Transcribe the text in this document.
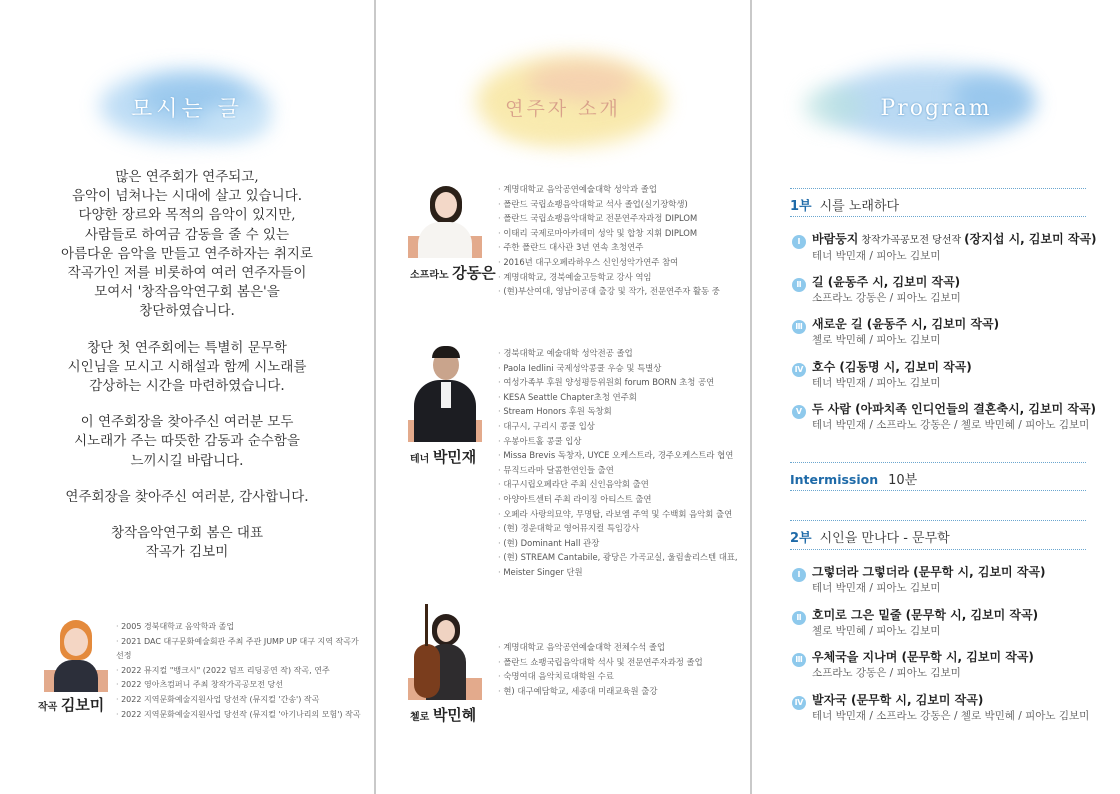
모시는 글

많은 연주회가 연주되고,
음악이 넘쳐나는 시대에 살고 있습니다.
다양한 장르와 목적의 음악이 있지만,
사람들로 하여금 감동을 줄 수 있는
아름다운 음악을 만들고 연주하자는 취지로
작곡가인 저를 비롯하여 여러 연주자들이
모여서 '창작음악연구회 봄은'을
창단하였습니다.

창단 첫 연주회에는 특별히 문무학
시인님을 모시고 시해설과 함께 시노래를
감상하는 시간을 마련하였습니다.

이 연주회장을 찾아주신 여러분 모두
시노래가 주는 따뜻한 감동과 순수함을
느끼시길 바랍니다.

연주회장을 찾아주신 여러분, 감사합니다.

창작음악연구회 봄은 대표
작곡가 김보미

작곡 김보미
· 2005 경북대학교 음악학과 졸업
· 2021 DAC 대구문화예술회관 주최 주관 JUMP UP 대구 지역 작곡가 선정
· 2022 뮤지컬 "뱅크시" (2022 덤프 리딩공연 작) 작곡, 연주
· 2022 영아츠컴퍼니 주최 창작가곡공모전 당선
· 2022 지역문화예술지원사업 당선작 (뮤지컬 '간송') 작곡
· 2022 지역문화예술지원사업 당선작 (뮤지컬 '아기나리의 모험') 작곡
연주자 소개
소프라노 강동은
· 계명대학교 음악공연예술대학 성악과 졸업
· 폴란드 국립쇼팽음악대학교 석사 졸업(실기장학생)
· 폴란드 국립쇼팽음악대학교 전문연주자과정 DIPLOM
· 이태리 국제로마아카데미 성악 및 합창 지휘 DIPLOM
· 주한 폴란드 대사관 3년 연속 초청연주
· 2016년 대구오페라하우스 신인성악가연주 참여
· 계명대학교, 경북예술고등학교 강사 역임
· (현)부산여대, 영남이공대 출강 및 작가, 전문연주자 활동 중
테너 박민재
· 경북대학교 예술대학 성악전공 졸업
· Paola Iedlini 국제성악콩쿨 우승 및 특별상
· 여성가족부 후원 양성평등위원회 forum BORN 초청 공연
· KESA Seattle Chapter초청 연주회
· Stream Honors 후원 독창회
· 대구시, 구리시 콩쿨 입상
· 우봉아트홀 콩쿨 입상
· Missa Brevis 독창자, UYCE 오케스트라, 경주오케스트라 협연
· 뮤직드라마 달콤한연인들 출연
· 대구시립오페라단 주최 신인음악회 출연
· 아양아트센터 주최 라이징 아티스트 출연
· 오페라 사랑의묘약, 무명탑, 라보엠 주역 및 수백회 음악회 출연
· (현) 경운대학교 영어뮤지컬 특임강사
· (현) Dominant Hall 관장
· (현) STREAM Cantabile, 광당은 가곡교실, 울림솔리스텐 대표,
· Meister Singer 단원
첼로 박민혜
· 계명대학교 음악공연예술대학 전체수석 졸업
· 폴란드 쇼팽국립음악대학 석사 및 전문연주자과정 졸업
· 숙명여대 음악치료대학원 수료
· 현) 대구예담학교, 세종대 미래교육원 출강
Program
1부 시를 노래하다
Ⅰ 바람둥지 창작가곡공모전 당선작 (장지섭 시, 김보미 작곡)
테너 박민재 / 피아노 김보미
Ⅱ 길 (윤동주 시, 김보미 작곡)
소프라노 강동은 / 피아노 김보미
Ⅲ 새로운 길 (윤동주 시, 김보미 작곡)
첼로 박민혜 / 피아노 김보미
Ⅳ 호수 (김동명 시, 김보미 작곡)
테너 박민재 / 피아노 김보미
Ⅴ 두 사람 (아파치족 인디언들의 결혼축시, 김보미 작곡)
테너 박민재 / 소프라노 강동은 / 첼로 박민혜 / 피아노 김보미
Intermission 10분
2부 시인을 만나다 - 문무학
Ⅰ 그렇더라 그렇더라 (문무학 시, 김보미 작곡)
테너 박민재 / 피아노 김보미
Ⅱ 호미로 그은 밑줄 (문무학 시, 김보미 작곡)
첼로 박민혜 / 피아노 김보미
Ⅲ 우체국을 지나며 (문무학 시, 김보미 작곡)
소프라노 강동은 / 피아노 김보미
Ⅳ 발자국 (문무학 시, 김보미 작곡)
테너 박민재 / 소프라노 강동은 / 첼로 박민혜 / 피아노 김보미
